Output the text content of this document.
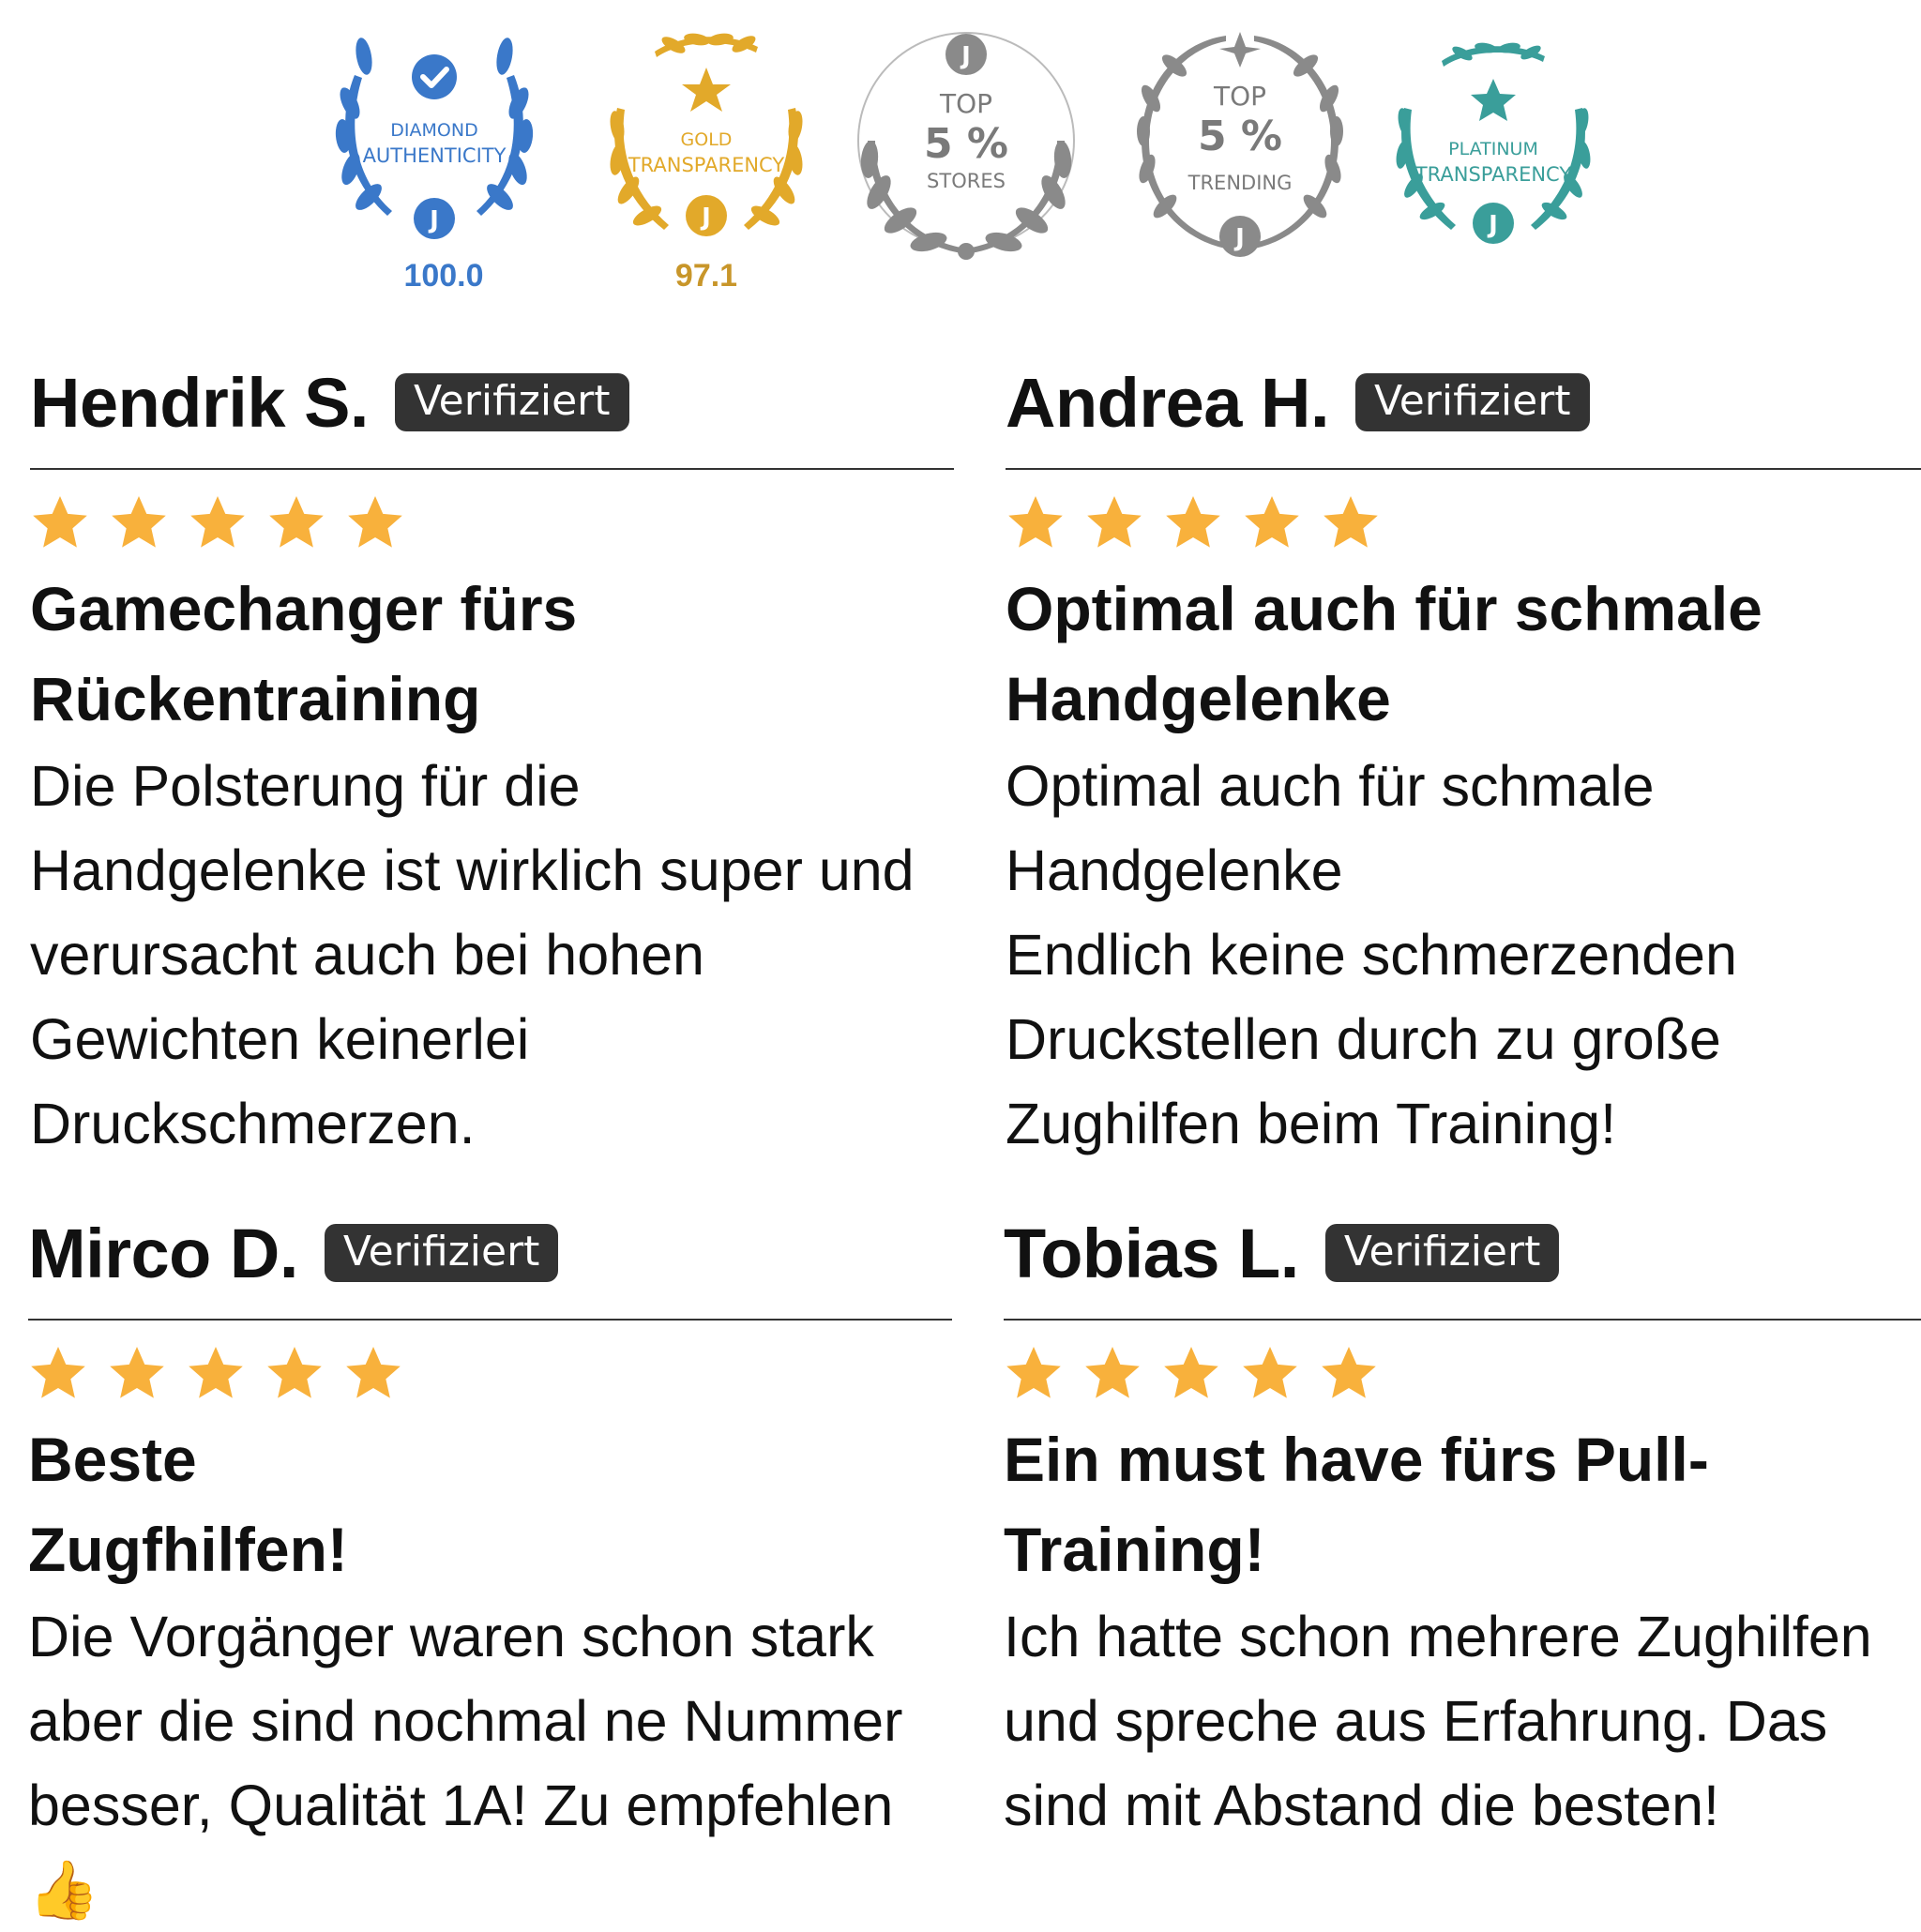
DIAMOND
AUTHENTICITY
J
100.0
GOLD
TRANSPARENCY
J
97.1
J
TOP
5 %
STORES
TOP
5 %
TRENDING
J
PLATINUM
TRANSPARENCY
J
Hendrik S.	Verifiziert
Gamechanger fürs Rückentraining
Die Polsterung für die Handgelenke ist wirklich super und verursacht auch bei hohen Gewichten keinerlei Druckschmerzen.
Andrea H.	Verifiziert
Optimal auch für schmale Handgelenke
Optimal auch für schmale Handgelenke
Endlich keine schmerzenden Druckstellen durch zu große Zughilfen beim Training!
Mirco D.	Verifiziert
Beste Zugfhilfen!
Die Vorgänger waren schon stark aber die sind nochmal ne Nummer besser, Qualität 1A! Zu empfehlen 👍
Tobias L.	Verifiziert
Ein must have fürs Pull-Training!
Ich hatte schon mehrere Zughilfen und spreche aus Erfahrung. Das sind mit Abstand die besten!
